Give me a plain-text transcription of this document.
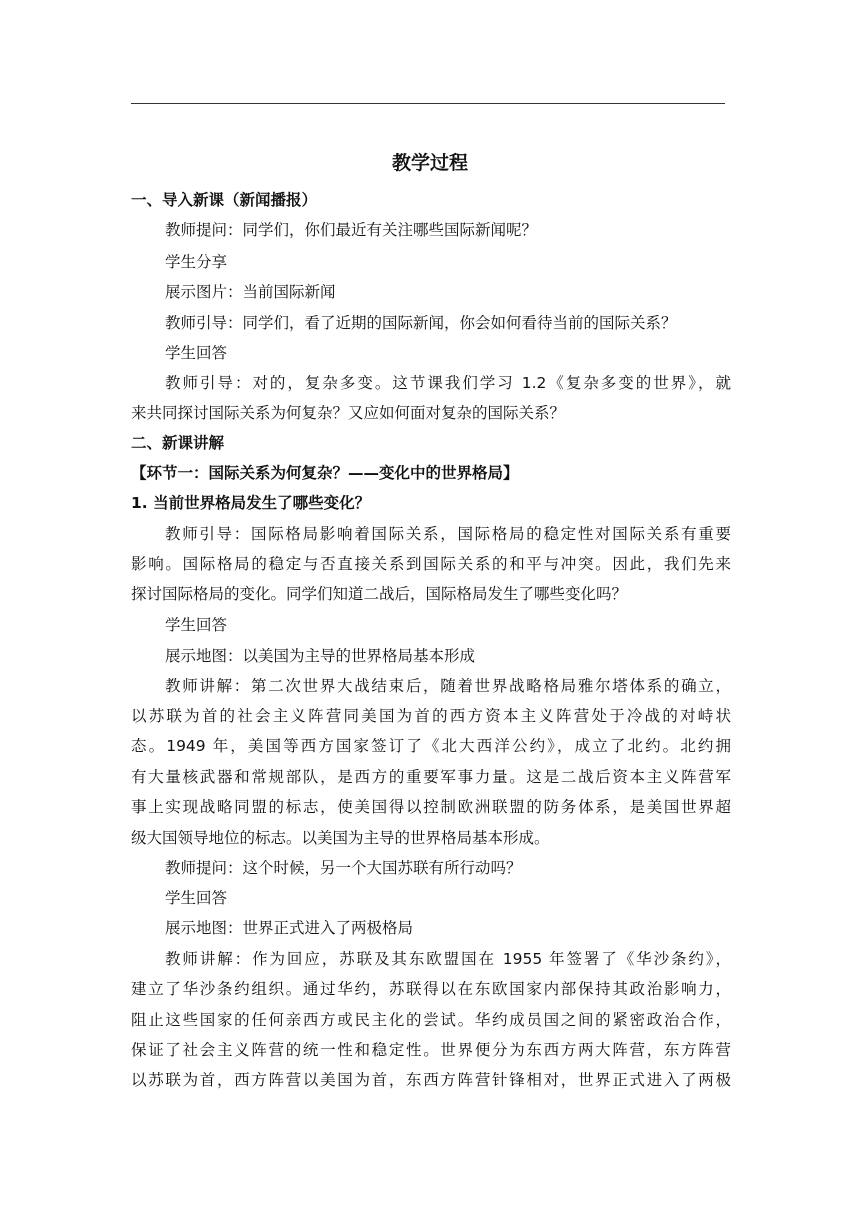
教学过程
一、导入新课（新闻播报）
教师提问：同学们，你们最近有关注哪些国际新闻呢？
学生分享
展示图片：当前国际新闻
教师引导：同学们，看了近期的国际新闻，你会如何看待当前的国际关系？
学生回答
教师引导：对的，复杂多变。这节课我们学习 1.2《复杂多变的世界》，就
来共同探讨国际关系为何复杂？又应如何面对复杂的国际关系？
二、新课讲解
【环节一：国际关系为何复杂？——变化中的世界格局】
1. 当前世界格局发生了哪些变化？
教师引导：国际格局影响着国际关系，国际格局的稳定性对国际关系有重要
影响。国际格局的稳定与否直接关系到国际关系的和平与冲突。因此，我们先来
探讨国际格局的变化。同学们知道二战后，国际格局发生了哪些变化吗？
学生回答
展示地图：以美国为主导的世界格局基本形成
教师讲解：第二次世界大战结束后，随着世界战略格局雅尔塔体系的确立，
以苏联为首的社会主义阵营同美国为首的西方资本主义阵营处于冷战的对峙状
态。1949 年，美国等西方国家签订了《北大西洋公约》，成立了北约。北约拥
有大量核武器和常规部队，是西方的重要军事力量。这是二战后资本主义阵营军
事上实现战略同盟的标志，使美国得以控制欧洲联盟的防务体系，是美国世界超
级大国领导地位的标志。以美国为主导的世界格局基本形成。
教师提问：这个时候，另一个大国苏联有所行动吗？
学生回答
展示地图：世界正式进入了两极格局
教师讲解：作为回应，苏联及其东欧盟国在 1955 年签署了《华沙条约》，
建立了华沙条约组织。通过华约，苏联得以在东欧国家内部保持其政治影响力，
阻止这些国家的任何亲西方或民主化的尝试。华约成员国之间的紧密政治合作，
保证了社会主义阵营的统一性和稳定性。世界便分为东西方两大阵营，东方阵营
以苏联为首，西方阵营以美国为首，东西方阵营针锋相对，世界正式进入了两极
